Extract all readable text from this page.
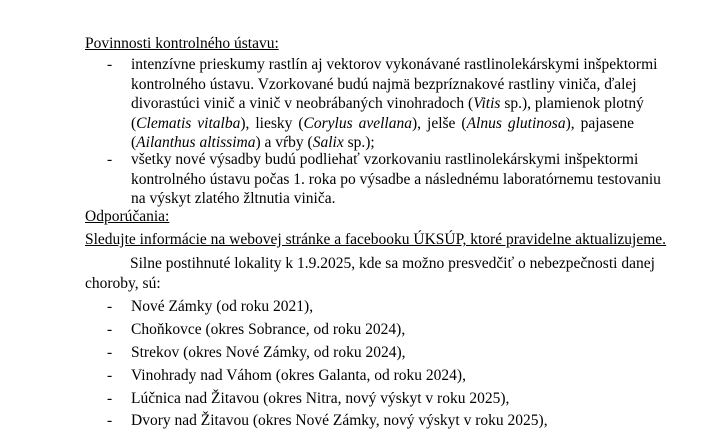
Povinnosti kontrolného ústavu:
-	intenzívne prieskumy rastlín aj vektorov vykonávané rastlinolekárskymi inšpektormi
kontrolného ústavu. Vzorkované budú najmä bezpríznakové rastliny viniča, ďalej
divorastúci vinič a vinič v neobrábaných vinohradoch (Vitis sp.), plamienok plotný
(Clematis vitalba), liesky (Corylus avellana), jelše (Alnus glutinosa), pajasene
(Ailanthus altissima) a vŕby (Salix sp.);
-	všetky nové výsadby budú podliehať vzorkovaniu rastlinolekárskymi inšpektormi
kontrolného ústavu počas 1. roka po výsadbe a následnému laboratórnemu testovaniu
na výskyt zlatého žltnutia viniča.
Odporúčania:
Sledujte informácie na webovej stránke a facebooku ÚKSÚP, ktoré pravidelne aktualizujeme.
Silne postihnuté lokality k 1.9.2025, kde sa možno presvedčiť o nebezpečnosti danej
choroby, sú:
-	Nové Zámky (od roku 2021),
-	Choňkovce (okres Sobrance, od roku 2024),
-	Strekov (okres Nové Zámky, od roku 2024),
-	Vinohrady nad Váhom (okres Galanta, od roku 2024),
-	Lúčnica nad Žitavou (okres Nitra, nový výskyt v roku 2025),
-	Dvory nad Žitavou (okres Nové Zámky, nový výskyt v roku 2025),
